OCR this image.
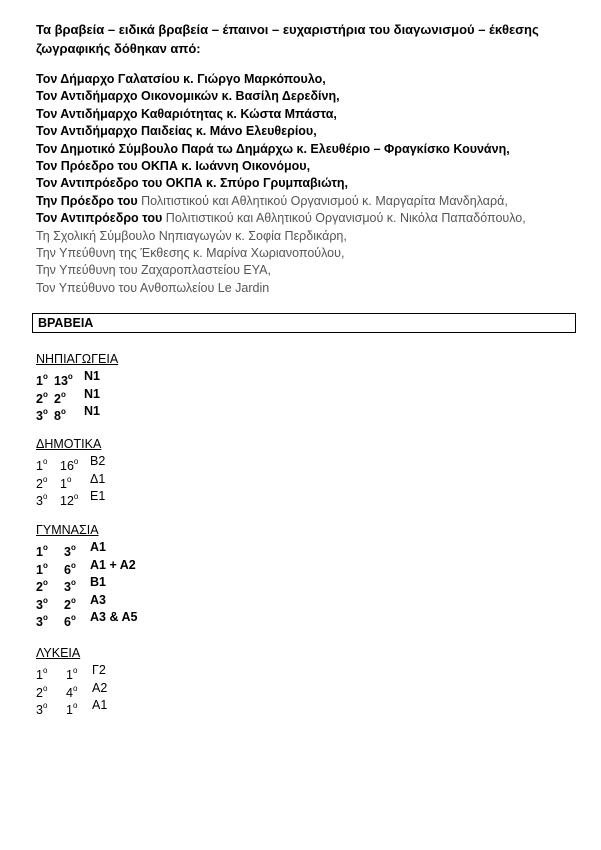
Τα βραβεία – ειδικά βραβεία – έπαινοι – ευχαριστήρια του διαγωνισμού – έκθεσης

ζωγραφικής δόθηκαν από:

Τον Δήμαρχο Γαλατσίου κ. Γιώργο Μαρκόπουλο,
Τον Αντιδήμαρχο Οικονομικών κ. Βασίλη Δερεδίνη,
Τον Αντιδήμαρχο Καθαριότητας κ. Κώστα Μπάστα,
Τον Αντιδήμαρχο Παιδείας κ. Μάνο Ελευθερίου,
Τον Δημοτικό Σύμβουλο Παρά τω Δημάρχω κ. Ελευθέριο – Φραγκίσκο Κουνάνη,
Τον Πρόεδρο του ΟΚΠΑ κ. Ιωάννη Οικονόμου,
Τον Αντιπρόεδρο του ΟΚΠΑ κ. Σπύρο Γρυμπαβιώτη,
Την Πρόεδρο του Πολιτιστικού και Αθλητικού Οργανισμού κ. Μαργαρίτα Μανδηλαρά,
Τον Αντιπρόεδρο του Πολιτιστικού και Αθλητικού Οργανισμού κ. Νικόλα Παπαδόπουλο,
Τη Σχολική Σύμβουλο Νηπιαγωγών κ. Σοφία Περδικάρη,
Την Υπεύθυνη της Έκθεσης κ. Μαρίνα Χωριανοπούλου,
Την Υπεύθυνη του Ζαχαροπλαστείου ΕΥΑ,
Τον Υπεύθυνο του Ανθοπωλείου Le Jardin
ΒΡΑΒΕΙΑ
ΝΗΠΙΑΓΩΓΕΙΑ
$1^o$ $13^o$ Ν1
$2^o$ $2^o$ Ν1
$3^o$ $8^o$ Ν1
ΔΗΜΟΤΙΚΑ
$1^o$ $16^o$ Β2
$2^o$ $1^o$ Δ1
$3^o$ $12^o$ Ε1
ΓΥΜΝΑΣΙΑ
$1^o$ $3^o$ Α1
$1^o$ $6^o$ Α1 + Α2
$2^o$ $3^o$ Β1
$3^o$ $2^o$ Α3
$3^o$ $6^o$ Α3 & Α5
ΛΥΚΕΙΑ
$1^o$ $1^o$ Γ2
$2^o$ $4^o$ Α2
$3^o$ $1^o$ Α1
